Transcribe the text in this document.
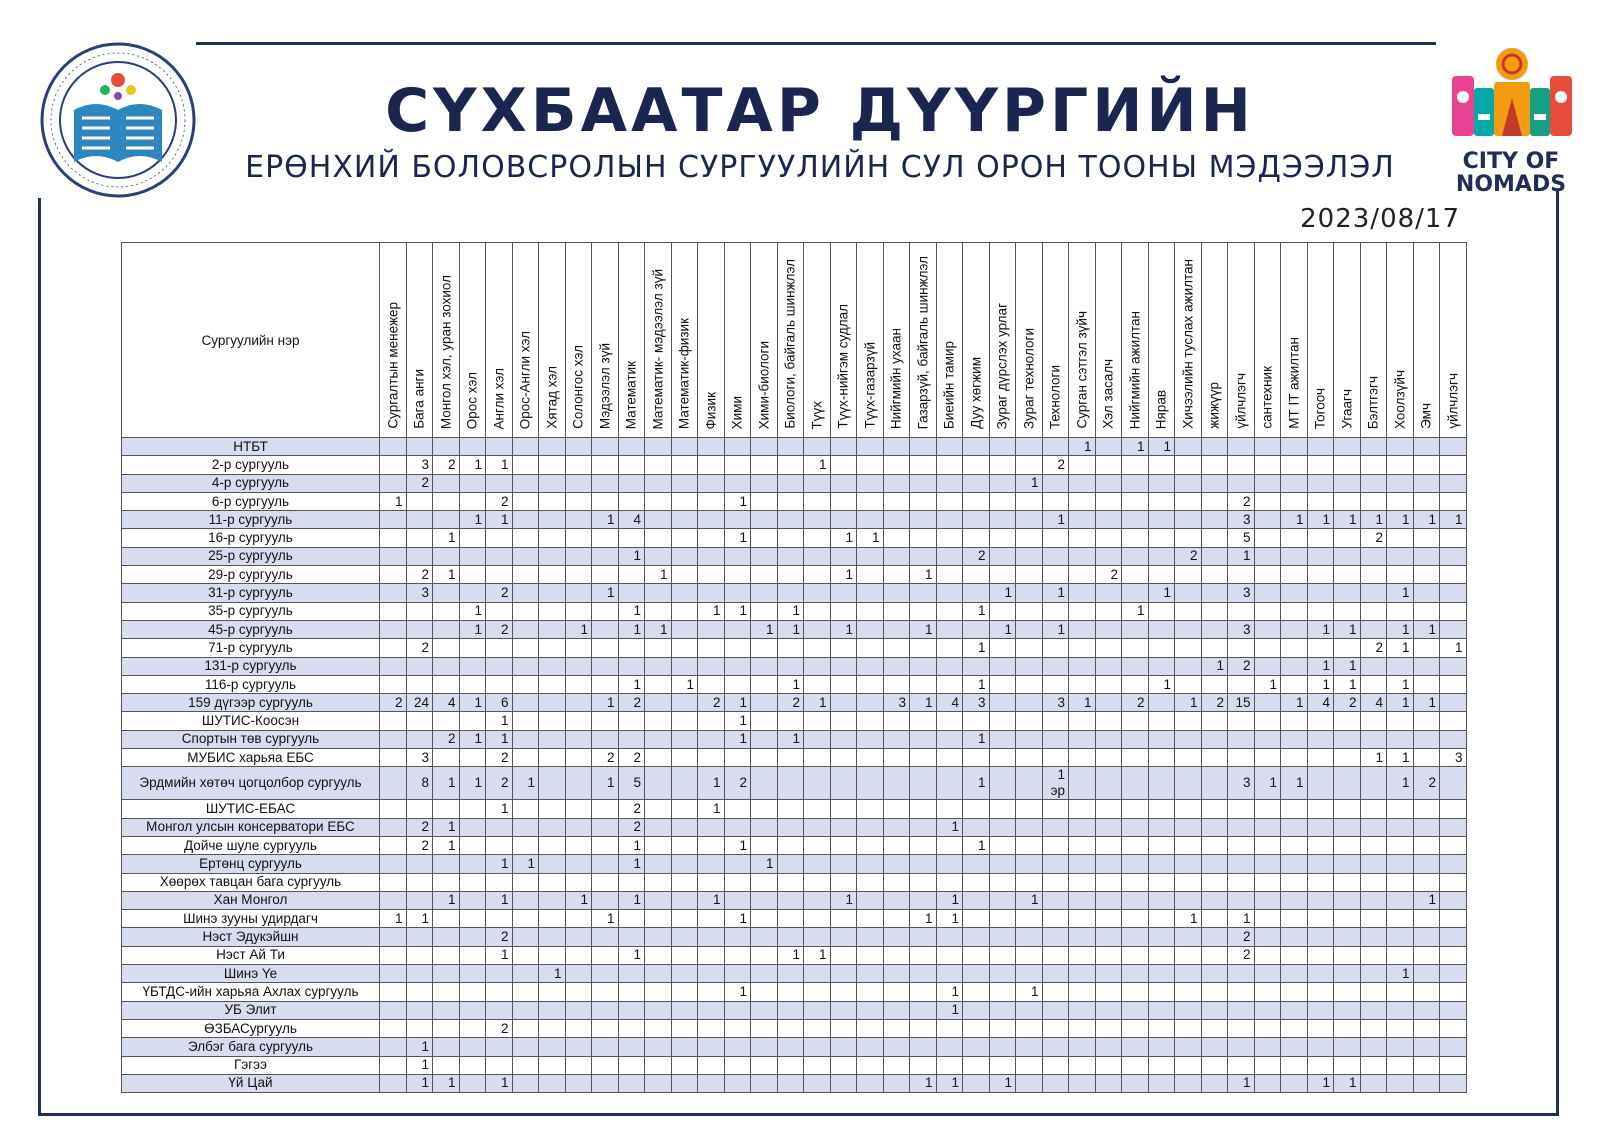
CITY OF
NOMADS
СҮХБААТАР ДҮҮРГИЙН
ЕРӨНХИЙ БОЛОВСРОЛЫН СУРГУУЛИЙН СУЛ ОРОН ТООНЫ МЭДЭЭЛЭЛ
2023/08/17
Сургуулийн нэр	Сургалтын менежер	Бага анги	Монгол хэл, уран зохиол	Орос хэл	Англи хэл	Орос-Англи хэл	Хятад хэл	Солонгос хэл	Мэдээлэл зүй	Математик	Математик- мэдээлэл зүй	Математик-физик	Физик	Хими	Хими-биологи	Биологи, байгаль шинжлэл	Түүх	Түүх-нийгэм судлал	Түүх-газарзүй	Нийгмийн ухаан	Газарзүй, байгаль шинжлэл	Биеийн тамир	Дуу хөгжим	Зураг дүрслэх урлаг	Зураг технологи	Технологи	Сурган сэтгэл зүйч	Хэл засалч	Нийгмийн ажилтан	Нярав	Хичээлийн туслах ажилтан	жижүүр	үйлчлэгч	сантехник	МТ IT ажилтан	Тогооч	Угаагч	Бэлтгэгч	Хоолзүйч	Эмч	үйлчлэгч

НТБТ																											1		1	1											
2-р сургууль		3	2	1	1												1									2															
4-р сургууль		2																							1																
6-р сургууль	1				2									1																			2								
11-р сургууль				1	1				1	4																1							3		1	1	1	1	1	1	1
16-р сургууль			1											1				1	1														5					2			
25-р сургууль										1													2								2		1								
29-р сургууль		2	1								1							1			1							2													
31-р сургууль		3			2				1															1		1				1			3						1		
35-р сургууль				1						1			1	1		1							1						1												
45-р сургууль				1	2			1		1	1				1	1		1			1			1		1							3			1	1		1	1	
71-р сургууль		2																					1															2	1		1
131-р сургууль																																1	2			1	1				
116-р сургууль										1		1				1							1							1				1		1	1		1		
159 дүгээр сургууль	2	24	4	1	6				1	2			2	1		2	1			3	1	4	3			3	1		2		1	2	15		1	4	2	4	1	1	
ШУТИС-Коосэн					1									1																											
Спортын төв сургууль			2	1	1									1		1							1																		
МУБИС харьяа ЕБС		3			2				2	2																												1	1		3
Эрдмийн хөтөч цогцолбор сургууль		8	1	1	2	1			1	5			1	2									1			1 эр							3	1	1				1	2	
ШУТИС-ЕБАС					1					2			1																												
Монгол улсын консерватори ЕБС		2	1							2												1																			
Дойче шуле сургууль		2	1							1				1									1																		
Ертөнц сургууль					1	1				1					1																										
Хөөрөх тавцан бага сургууль																																									
Хан Монгол			1		1			1		1			1					1				1			1															1	
Шинэ зууны удирдагч	1	1							1					1							1	1									1		1								
Нэст Эдукэйшн					2																												2								
Нэст Ай Ти					1					1						1	1																2								
Шинэ Ye							1																																1		
ҮБТДС-ийн харьяа Ахлах сургууль														1								1			1																
УБ Элит																						1																			
ӨЗБАСургууль					2																																				
Элбэг бага сургууль		1																																							
Гэгээ		1																																							
Үй Цай		1	1		1																1	1		1									1			1	1				
